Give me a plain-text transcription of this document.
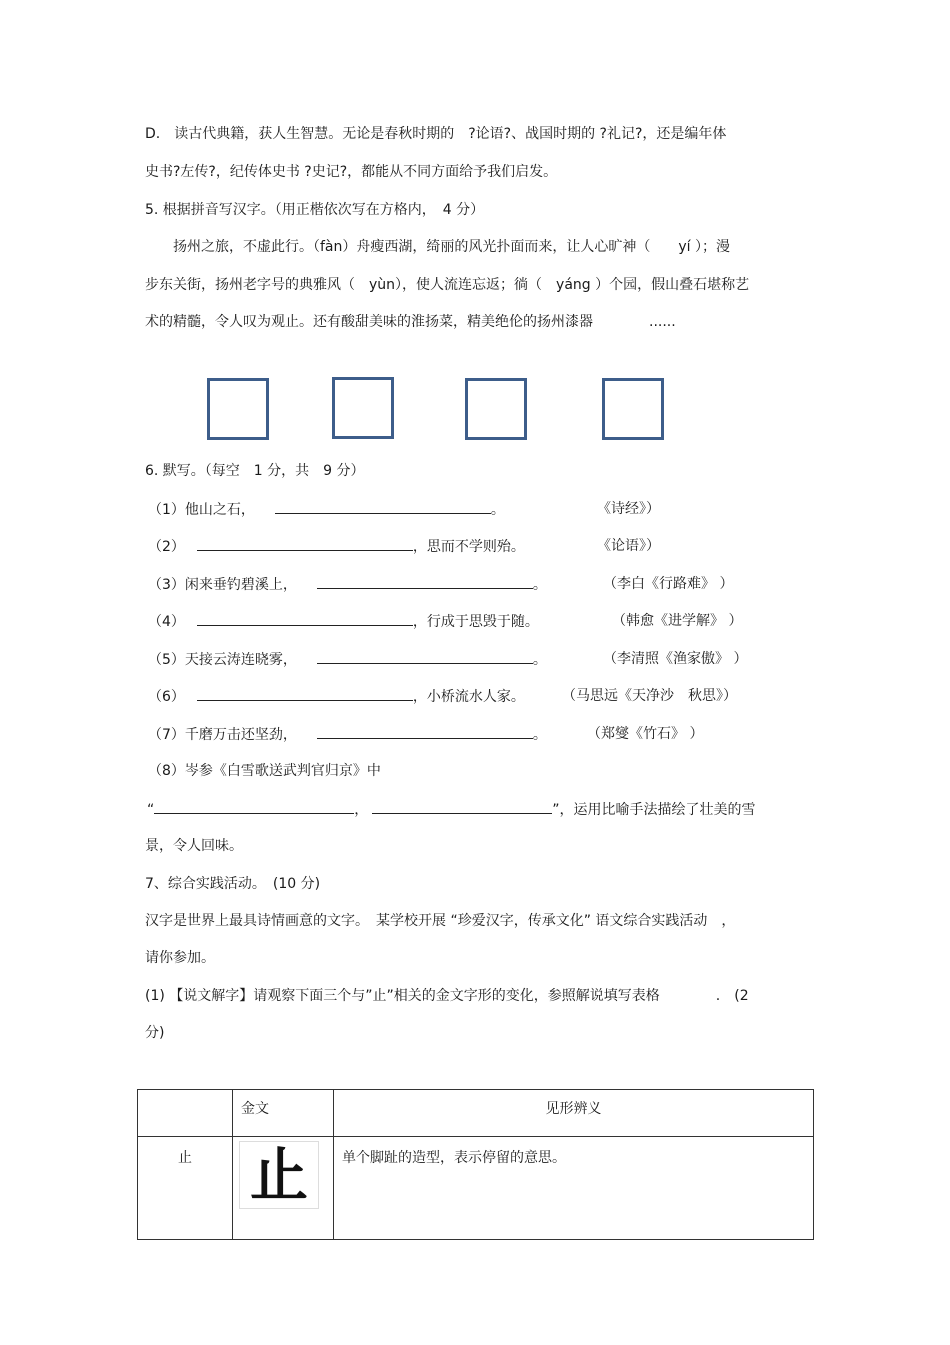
D.　读古代典籍，获人生智慧。无论是春秋时期的　?论语?、战国时期的 ?礼记?，还是编年体
史书?左传?，纪传体史书 ?史记?，都能从不同方面给予我们启发。
5. 根据拼音写汉字。（用正楷依次写在方格内，　4 分）
　　扬州之旅，不虚此行。（fàn）舟瘦西湖，绮丽的风光扑面而来，让人心旷神（　　yí ）；漫
步东关街，扬州老字号的典雅风（　yùn），使人流连忘返；徜（　yáng ）个园，假山叠石堪称艺
术的精髓，令人叹为观止。还有酸甜美味的淮扬菜，精美绝伦的扬州漆器　　　　......
6. 默写。（每空　1 分，共　9 分）
（1）他山之石，	。	《诗经》）
（2）	，思而不学则殆。	《论语》）
（3）闲来垂钓碧溪上，	。	（李白《行路难》 ）
（4）	，行成于思毁于随。	（韩愈《进学解》 ）
（5）天接云涛连晓雾，	。	（李清照《渔家傲》 ）
（6）	，小桥流水人家。	（马思远《天净沙　秋思》）
（7）千磨万击还坚劲，	。	（郑燮《竹石》 ）
（8）岑参《白雪歌送武判官归京》中
“	，	”，运用比喻手法描绘了壮美的雪
景，令人回味。
7、综合实践活动。　(10 分)
汉字是世界上最具诗情画意的文字。　某学校开展 “珍爱汉字，传承文化” 语文综合实践活动　，
请你参加。
(1) 【说文解字】请观察下面三个与”止”相关的金文字形的变化，参照解说填写表格　　　　.　(2
分)
	金文	见形辨义
止	止	单个脚趾的造型，表示停留的意思。
